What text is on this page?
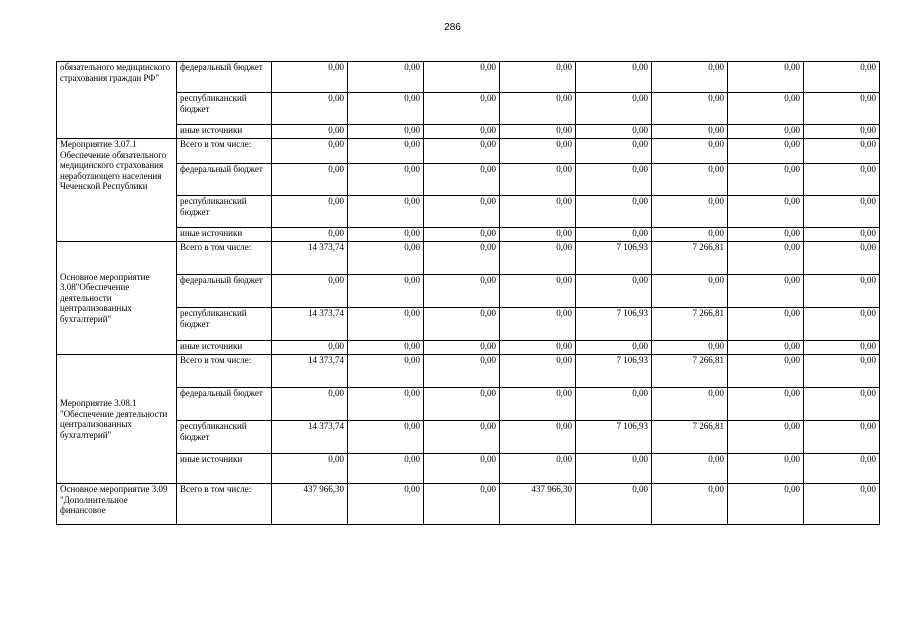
286
обязательного медицинского страхования граждан РФ"	федеральный бюджет	0,00	0,00	0,00	0,00	0,00	0,00	0,00	0,00
	республиканский бюджет	0,00	0,00	0,00	0,00	0,00	0,00	0,00	0,00
	иные источники	0,00	0,00	0,00	0,00	0,00	0,00	0,00	0,00
Мероприятие 3.07.1 Обеспечение обязательного медицинского страхования неработающего населения Чеченской Республики	Всего в том числе:	0,00	0,00	0,00	0,00	0,00	0,00	0,00	0,00
	федеральный бюджет	0,00	0,00	0,00	0,00	0,00	0,00	0,00	0,00
	республиканский бюджет	0,00	0,00	0,00	0,00	0,00	0,00	0,00	0,00
	иные источники	0,00	0,00	0,00	0,00	0,00	0,00	0,00	0,00
Основное мероприятие 3.08"Обеспечение деятельности централизованных бухгалтерий"	Всего в том числе:	14 373,74	0,00	0,00	0,00	7 106,93	7 266,81	0,00	0,00
	федеральный бюджет	0,00	0,00	0,00	0,00	0,00	0,00	0,00	0,00
	республиканский бюджет	14 373,74	0,00	0,00	0,00	7 106,93	7 266,81	0,00	0,00
	иные источники	0,00	0,00	0,00	0,00	0,00	0,00	0,00	0,00
Мероприятие 3.08.1 "Обеспечение деятельности централизованных бухгалтерий"	Всего в том числе:	14 373,74	0,00	0,00	0,00	7 106,93	7 266,81	0,00	0,00
	федеральный бюджет	0,00	0,00	0,00	0,00	0,00	0,00	0,00	0,00
	республиканский бюджет	14 373,74	0,00	0,00	0,00	7 106,93	7 266,81	0,00	0,00
	иные источники	0,00	0,00	0,00	0,00	0,00	0,00	0,00	0,00
Основное мероприятие 3.09 "Дополнительное финансовое	Всего в том числе:	437 966,30	0,00	0,00	437 966,30	0,00	0,00	0,00	0,00
